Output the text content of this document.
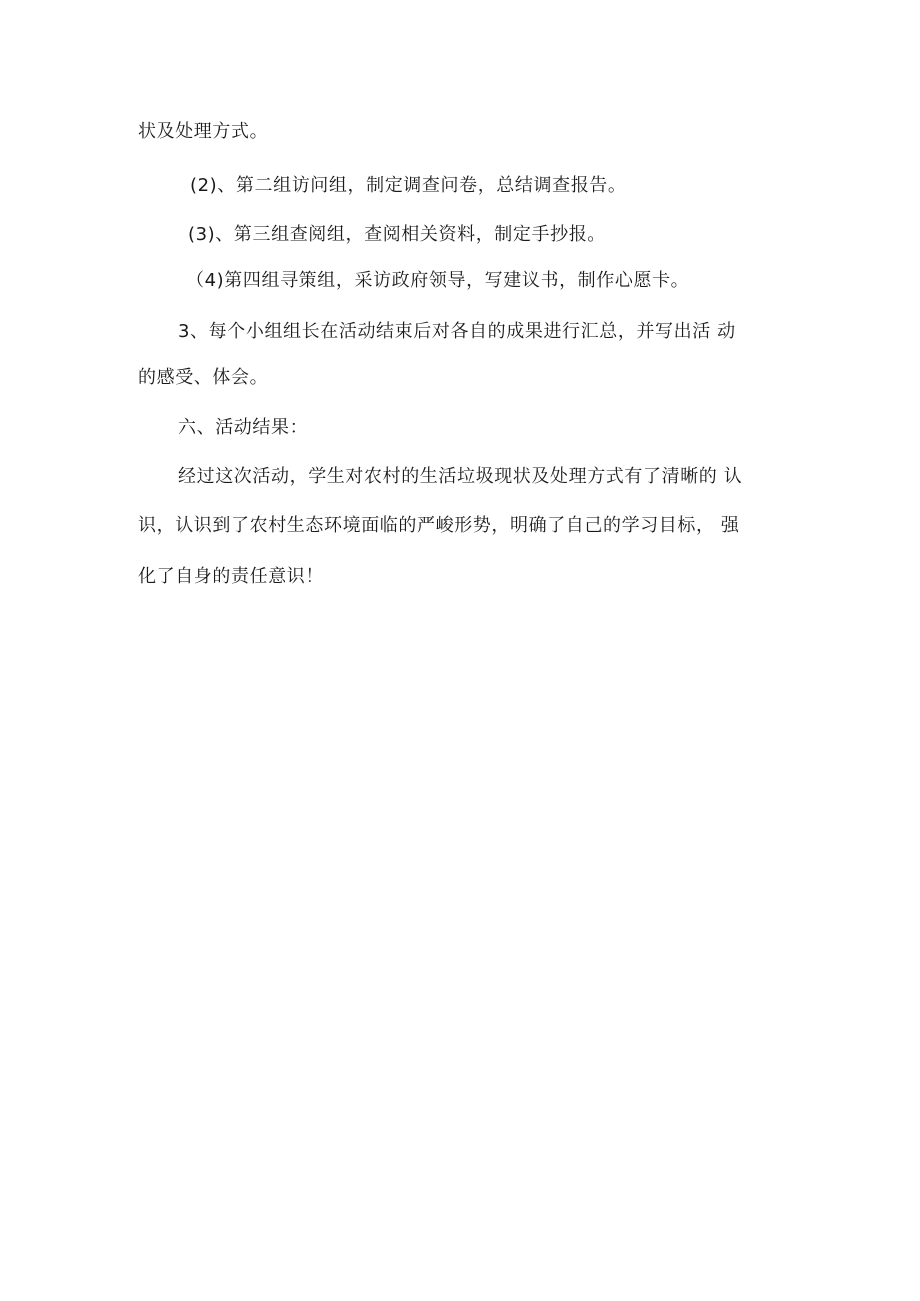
状及处理方式。
(2)、第二组访问组，制定调查问卷，总结调查报告。
(3)、第三组查阅组，查阅相关资料，制定手抄报。
（4)第四组寻策组，采访政府领导，写建议书，制作心愿卡。
3、每个小组组长在活动结束后对各自的成果进行汇总，并写出活 动
的感受、体会。
六、活动结果：
经过这次活动，学生对农村的生活垃圾现状及处理方式有了清晰的 认
识，认识到了农村生态环境面临的严峻形势，明确了自己的学习目标， 强
化了自身的责任意识！
